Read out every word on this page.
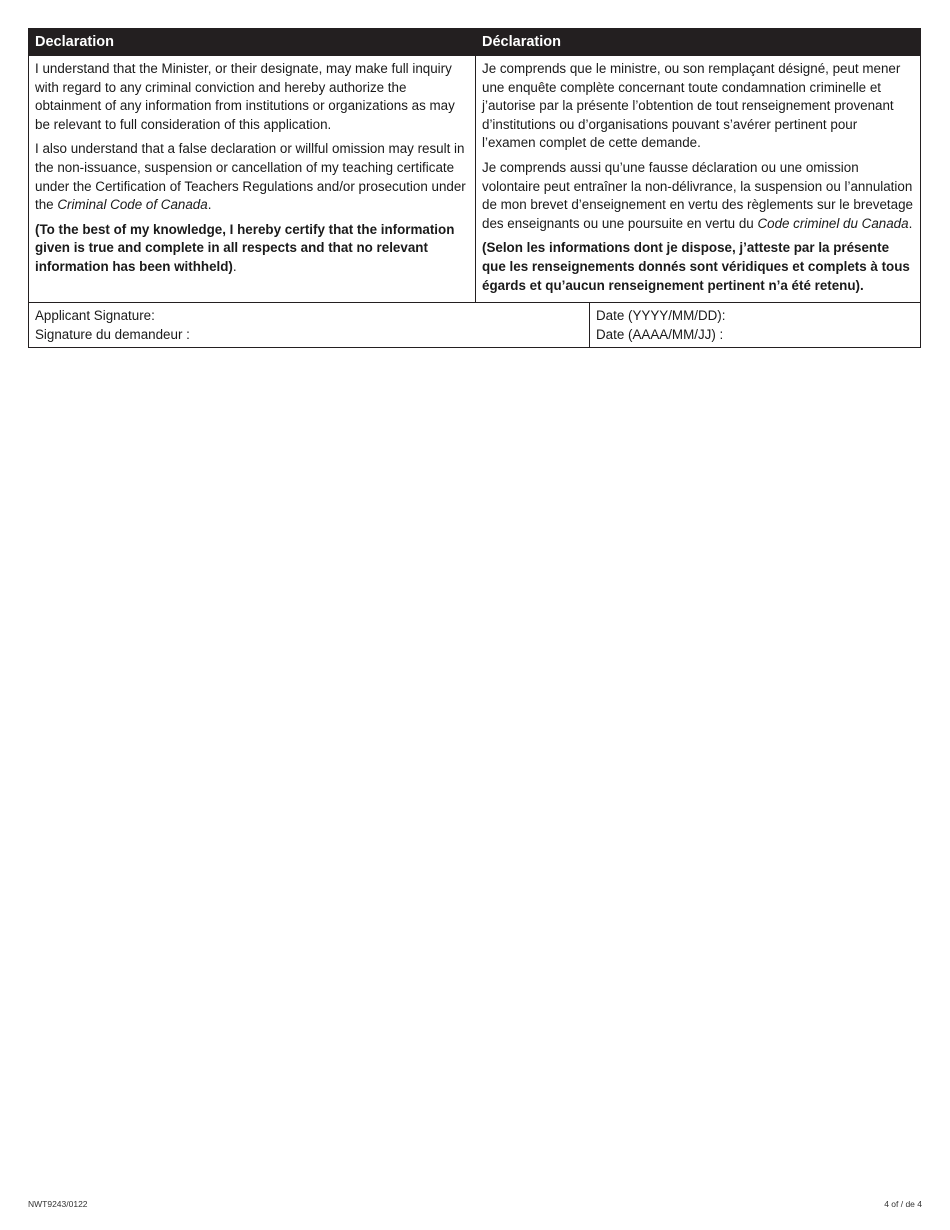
Declaration

I understand that the Minister, or their designate, may make full inquiry with regard to any criminal conviction and hereby authorize the obtainment of any information from institutions or organizations as may be relevant to full consideration of this application.

I also understand that a false declaration or willful omission may result in the non-issuance, suspension or cancellation of my teaching certificate under the Certification of Teachers Regulations and/or prosecution under the Criminal Code of Canada.

(To the best of my knowledge, I hereby certify that the information given is true and complete in all respects and that no relevant information has been withheld).

Déclaration

Je comprends que le ministre, ou son remplaçant désigné, peut mener une enquête complète concernant toute condamnation criminelle et j’autorise par la présente l’obtention de tout renseignement provenant d’institutions ou d’organisations pouvant s’avérer pertinent pour l’examen complet de cette demande.

Je comprends aussi qu’une fausse déclaration ou une omission volontaire peut entraîner la non-délivrance, la suspension ou l’annulation de mon brevet d’enseignement en vertu des règlements sur le brevetage des enseignants ou une poursuite en vertu du Code criminel du Canada.

(Selon les informations dont je dispose, j’atteste par la présente que les renseignements donnés sont véridiques et complets à tous égards et qu’aucun renseignement pertinent n’a été retenu).

Applicant Signature:
Signature du demandeur :
Date (YYYY/MM/DD):
Date (AAAA/MM/JJ) :
NWT9243/0122	4 of / de 4
